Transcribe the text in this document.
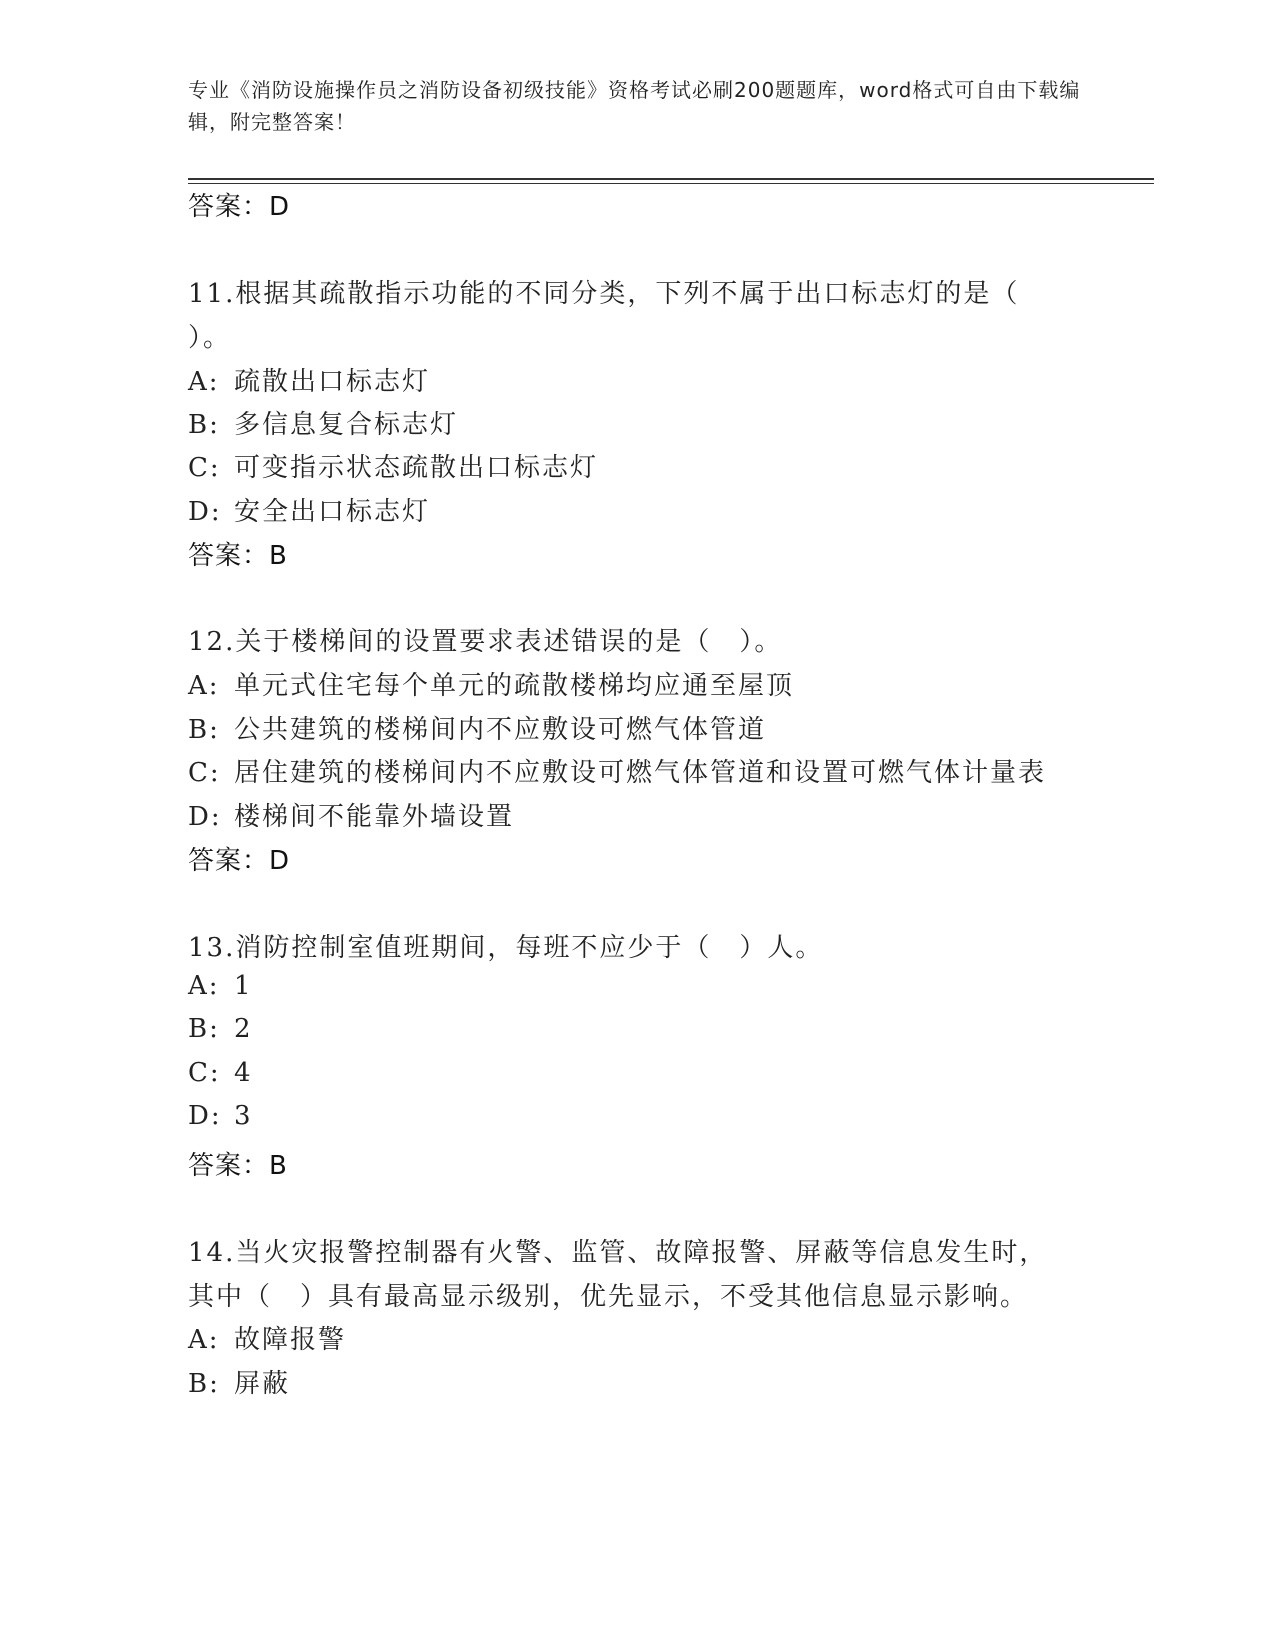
专业《消防设施操作员之消防设备初级技能》资格考试必刷200题题库，word格式可自由下载编辑，附完整答案！
答案：D
11.根据其疏散指示功能的不同分类，下列不属于出口标志灯的是（
）。
A: 疏散出口标志灯
B: 多信息复合标志灯
C: 可变指示状态疏散出口标志灯
D: 安全出口标志灯
答案：B
12.关于楼梯间的设置要求表述错误的是（　）。
A: 单元式住宅每个单元的疏散楼梯均应通至屋顶
B: 公共建筑的楼梯间内不应敷设可燃气体管道
C: 居住建筑的楼梯间内不应敷设可燃气体管道和设置可燃气体计量表
D: 楼梯间不能靠外墙设置
答案：D
13.消防控制室值班期间，每班不应少于（　）人。
A: 1
B: 2
C: 4
D: 3
答案：B
14.当火灾报警控制器有火警、监管、故障报警、屏蔽等信息发生时，
其中（　）具有最高显示级别，优先显示，不受其他信息显示影响。
A: 故障报警
B: 屏蔽
